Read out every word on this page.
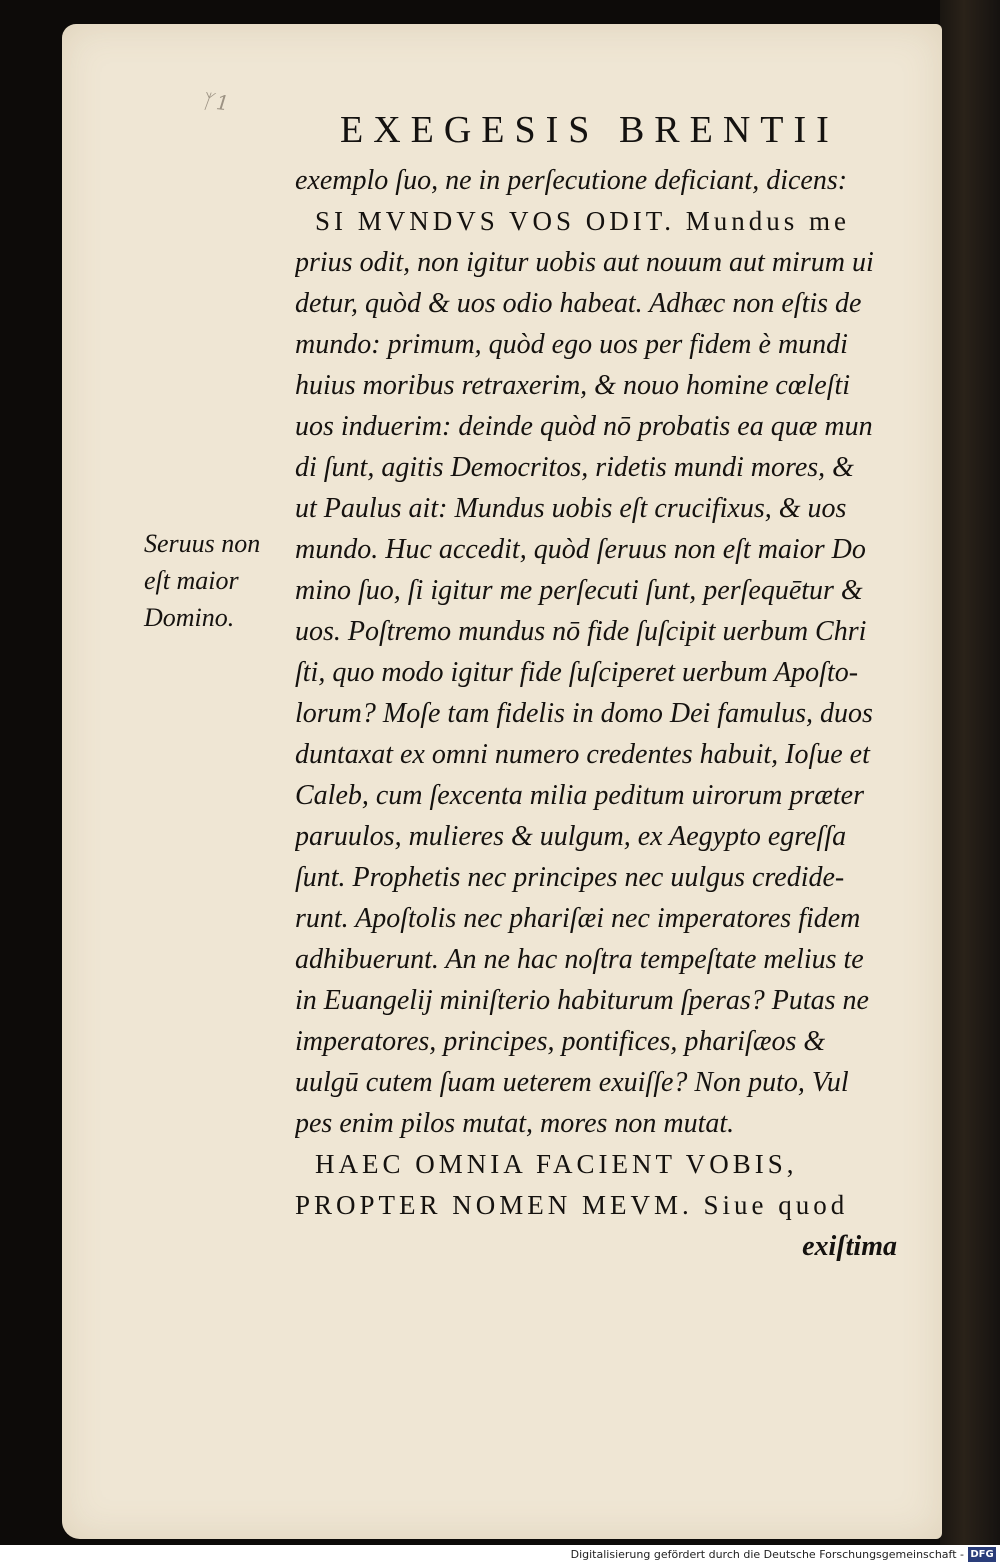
ᛉ1
EXEGESIS BRENTII
exemplo ſuo, ne in perſecutione deficiant, dicens:
SI MVNDVS VOS ODIT. Mundus me
prius odit, non igitur uobis aut nouum aut mirum ui
detur, quòd & uos odio habeat. Adhæc non eſtis de
mundo: primum, quòd ego uos per fidem è mundi
huius moribus retraxerim, & nouo homine cœleſti
uos induerim: deinde quòd nō probatis ea quæ mun
di ſunt, agitis Democritos, ridetis mundi mores, &
ut Paulus ait: Mundus uobis eſt crucifixus, & uos
mundo. Huc accedit, quòd ſeruus non eſt maior Do
mino ſuo, ſi igitur me perſecuti ſunt, perſequētur &
uos. Poſtremo mundus nō fide ſuſcipit uerbum Chri
ſti, quo modo igitur fide ſuſciperet uerbum Apoſto-
lorum? Moſe tam fidelis in domo Dei famulus, duos
duntaxat ex omni numero credentes habuit, Ioſue et
Caleb, cum ſexcenta milia peditum uirorum præter
paruulos, mulieres & uulgum, ex Aegypto egreſſa
ſunt. Prophetis nec principes nec uulgus credide-
runt. Apoſtolis nec phariſæi nec imperatores fidem
adhibuerunt. An ne hac noſtra tempeſtate melius te
in Euangelij miniſterio habiturum ſperas? Putas ne
imperatores, principes, pontifices, phariſæos &
uulgū cutem ſuam ueterem exuiſſe? Non puto, Vul
pes enim pilos mutat, mores non mutat.
HAEC OMNIA FACIENT VOBIS,
PROPTER NOMEN MEVM. Siue quod
exiſtima
Seruus non
eſt maior
Domino.
Digitalisierung gefördert durch die Deutsche Forschungsgemeinschaft - DFG
